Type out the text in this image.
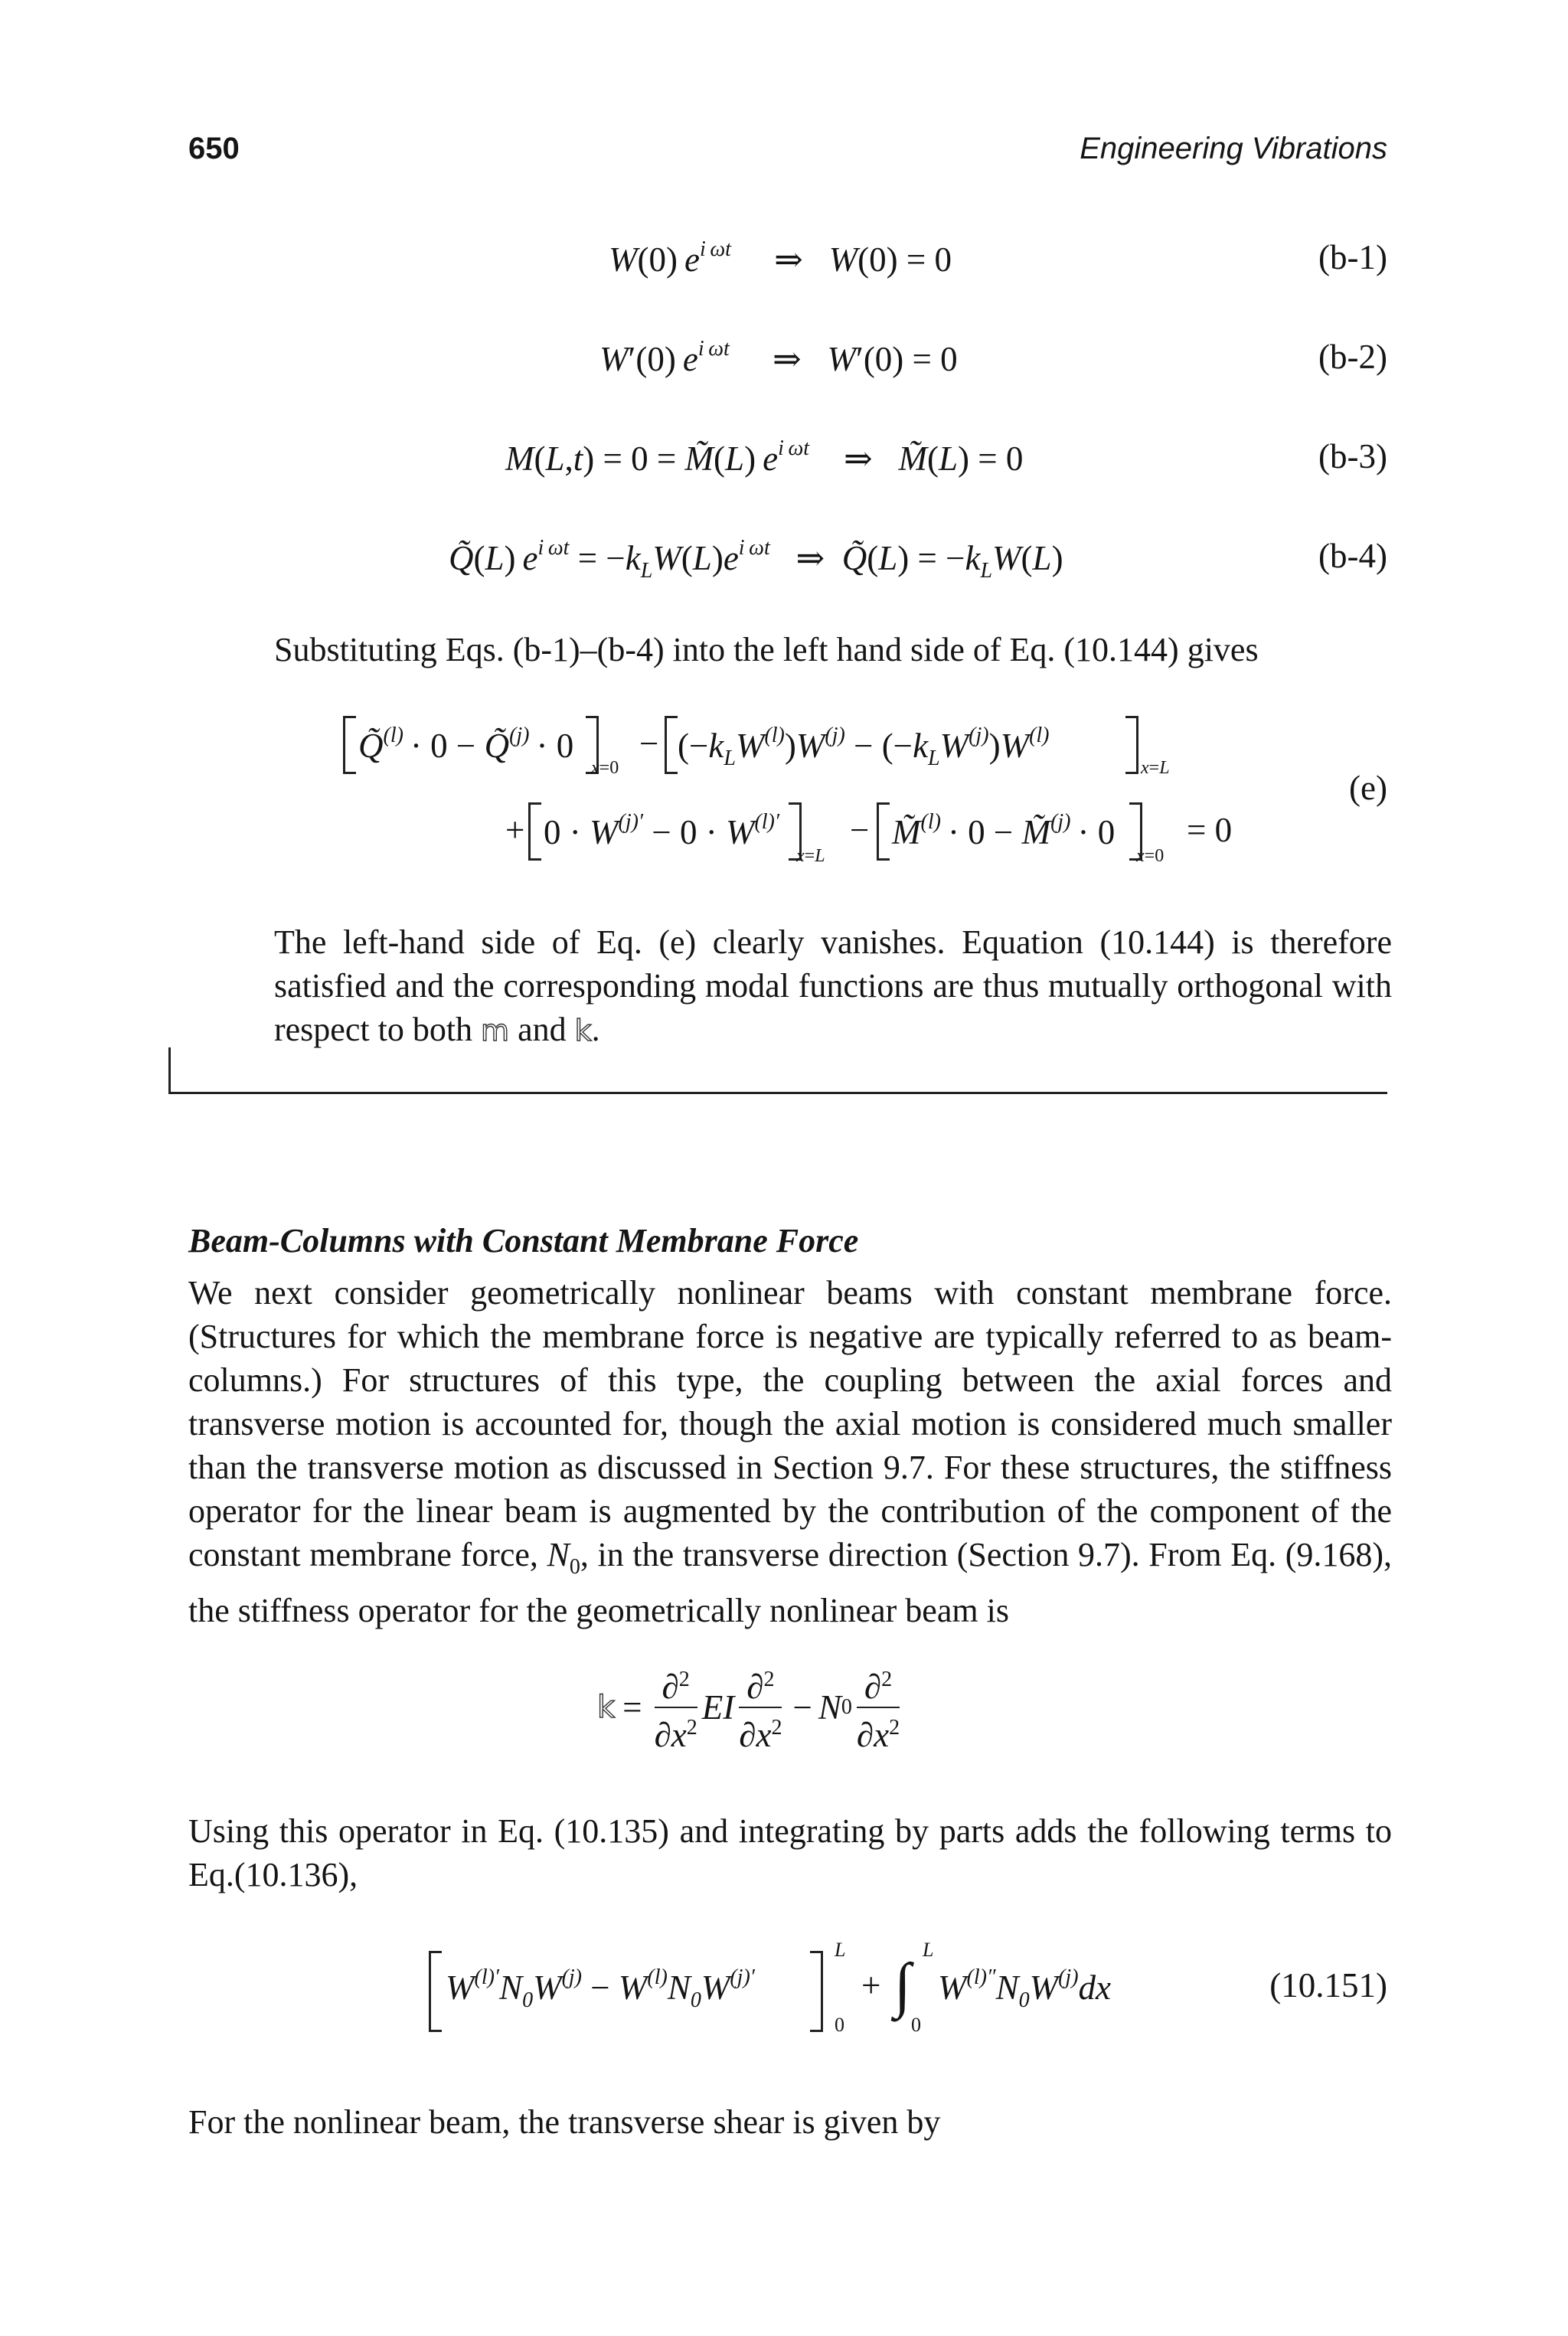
650	Engineering Vibrations
W(0) $e^{i \omega t}$     ⇒   W(0) = 0	(b-1)
W′(0) $e^{i \omega t}$     ⇒   W′(0) = 0	(b-2)
M(L,t) = 0 = M̃(L) $e^{i \omega t}$    ⇒   M̃(L) = 0	(b-3)
Q̃(L) $e^{i \omega t} = -k_LW(L)e^{i \omega t}$   ⇒  Q̃(L) = $-k_LW(L)$	(b-4)
Substituting Eqs. (b-1)–(b-4) into the left hand side of Eq. (10.144) gives
Q̃$^{(l)}$ · 0 − Q̃$^{(j)}$ · 0
x=0
− $(-k_LW^{(l)})W^{(j)} - (-k_LW^{(j)})W^{(l)}$
x=L
+ $0 \cdot W^{(j)'} - 0 \cdot W^{(l)'}$
x=L
− M̃$^{(l)}$ · 0 − M̃$^{(j)}$ · 0
x=0
= 0
(e)
The left-hand side of Eq. (e) clearly vanishes. Equation (10.144) is therefore satisfied and the corresponding modal functions are thus mutually orthogonal with respect to both m and k.
Beam-Columns with Constant Membrane Force
We next consider geometrically nonlinear beams with constant membrane force. (Structures for which the membrane force is negative are typically referred to as beam-columns.) For structures of this type, the coupling between the axial forces and transverse motion is accounted for, though the axial motion is considered much smaller than the transverse motion as discussed in Section 9.7. For these structures, the stiffness operator for the linear beam is augmented by the contribution of the component of the constant membrane force, $N_0$, in the transverse direction (Section 9.7). From Eq. (9.168), the stiffness operator for the geometrically nonlinear beam is
$k = \frac{\partial^2}{\partial x^2}$ EI $\frac{\partial^2}{\partial x^2} - N$ $0 \frac{\partial^2}{\partial x^2}$
Using this operator in Eq. (10.135) and integrating by parts adds the following terms to Eq.(10.136),
$W^{(l)'}N_0W^{(j)} - W^{(l)}N_0W^{(j)'}$
L
0
+ ∫
L
0
$W^{(l)''}N_0W^{(j)}dx$	(10.151)
For the nonlinear beam, the transverse shear is given by
